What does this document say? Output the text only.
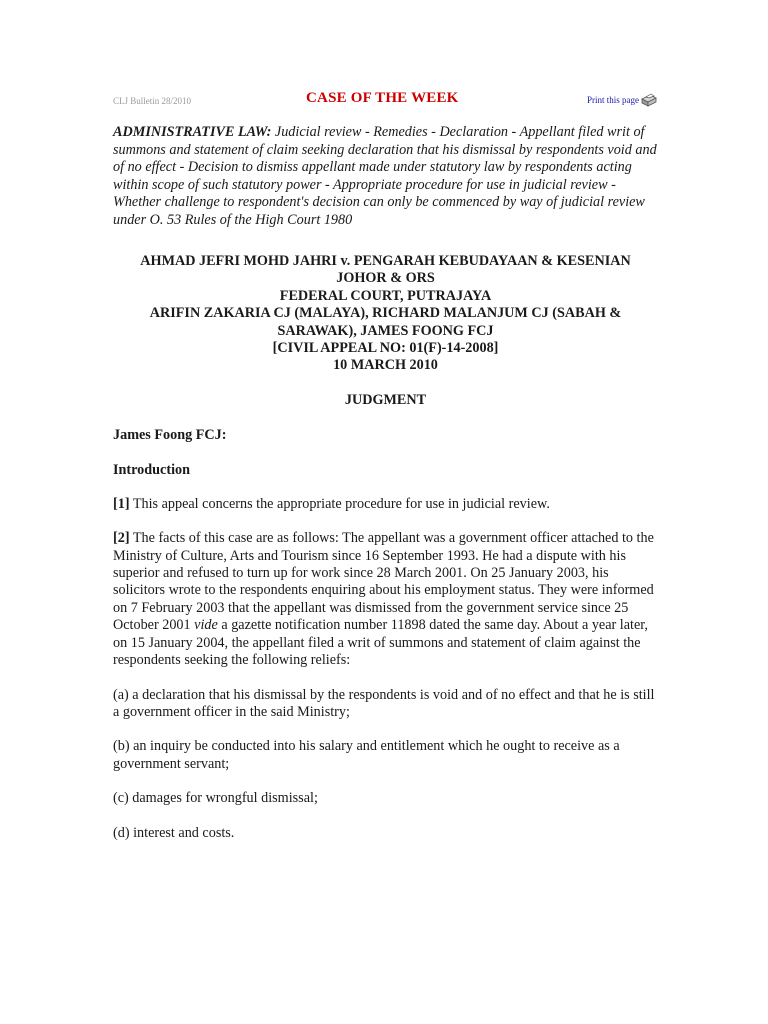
CLJ Bulletin 28/2010	CASE OF THE WEEK	Print this page

ADMINISTRATIVE LAW: Judicial review - Remedies - Declaration - Appellant filed writ of summons and statement of claim seeking declaration that his dismissal by respondents void and of no effect - Decision to dismiss appellant made under statutory law by respondents acting within scope of such statutory power - Appropriate procedure for use in judicial review - Whether challenge to respondent's decision can only be commenced by way of judicial review under O. 53 Rules of the High Court 1980

AHMAD JEFRI MOHD JAHRI v. PENGARAH KEBUDAYAAN & KESENIAN
JOHOR & ORS
FEDERAL COURT, PUTRAJAYA
ARIFIN ZAKARIA CJ (MALAYA), RICHARD MALANJUM CJ (SABAH &
SARAWAK), JAMES FOONG FCJ
[CIVIL APPEAL NO: 01(F)-14-2008]
10 MARCH 2010
JUDGMENT
James Foong FCJ:
Introduction
[1] This appeal concerns the appropriate procedure for use in judicial review.
[2] The facts of this case are as follows: The appellant was a government officer attached to the Ministry of Culture, Arts and Tourism since 16 September 1993. He had a dispute with his superior and refused to turn up for work since 28 March 2001. On 25 January 2003, his solicitors wrote to the respondents enquiring about his employment status. They were informed on 7 February 2003 that the appellant was dismissed from the government service since 25 October 2001 vide a gazette notification number 11898 dated the same day. About a year later, on 15 January 2004, the appellant filed a writ of summons and statement of claim against the respondents seeking the following reliefs:
(a) a declaration that his dismissal by the respondents is void and of no effect and that he is still a government officer in the said Ministry;
(b) an inquiry be conducted into his salary and entitlement which he ought to receive as a government servant;
(c) damages for wrongful dismissal;
(d) interest and costs.
